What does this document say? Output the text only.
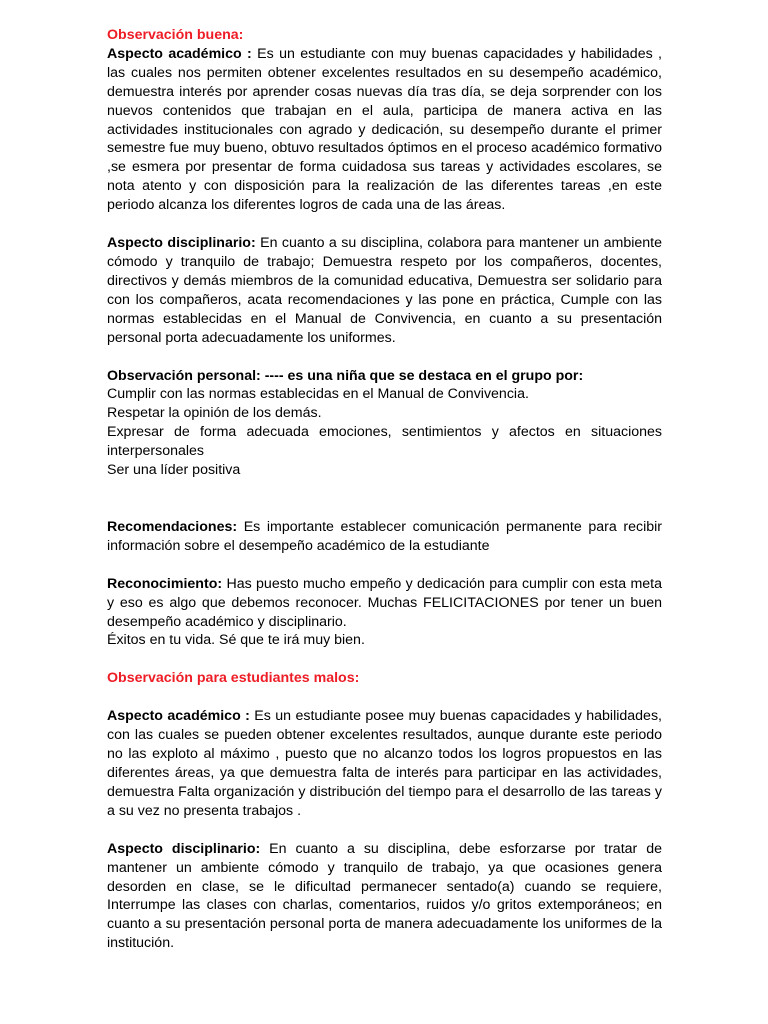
Observación buena:

Aspecto académico : Es un estudiante con muy buenas capacidades y habilidades , las cuales nos permiten obtener excelentes resultados en su desempeño académico, demuestra interés por aprender cosas nuevas día tras día, se deja sorprender con los nuevos contenidos que trabajan en el aula, participa de manera activa en las actividades institucionales con agrado y dedicación, su desempeño durante el primer semestre fue muy bueno, obtuvo resultados óptimos en el proceso académico formativo ,se esmera por presentar de forma cuidadosa sus tareas y actividades escolares, se nota atento y con disposición para la realización de las diferentes tareas ,en este periodo alcanza los diferentes logros de cada una de las áreas.

Aspecto disciplinario: En cuanto a su disciplina, colabora para mantener un ambiente cómodo y tranquilo de trabajo; Demuestra respeto por los compañeros, docentes, directivos y demás miembros de la comunidad educativa, Demuestra ser solidario para con los compañeros, acata recomendaciones y las pone en práctica, Cumple con las normas establecidas en el Manual de Convivencia, en cuanto a su presentación personal porta adecuadamente los uniformes.

Observación personal: ---- es una niña que se destaca en el grupo por:

Cumplir con las normas establecidas en el Manual de Convivencia.

Respetar la opinión de los demás.

Expresar de forma adecuada emociones, sentimientos y afectos en situaciones interpersonales

Ser una líder positiva

Recomendaciones: Es importante establecer comunicación permanente para recibir información sobre el desempeño académico de la estudiante

Reconocimiento: Has puesto mucho empeño y dedicación para cumplir con esta meta y eso es algo que debemos reconocer. Muchas FELICITACIONES por tener un buen desempeño académico y disciplinario.

Éxitos en tu vida. Sé que te irá muy bien.

Observación para estudiantes malos:

Aspecto académico : Es un estudiante posee muy buenas capacidades y habilidades, con las cuales se pueden obtener excelentes resultados, aunque durante este periodo no las exploto al máximo , puesto que no alcanzo todos los logros propuestos en las diferentes áreas, ya que demuestra falta de interés para participar en las actividades, demuestra Falta organización y distribución del tiempo para el desarrollo de las tareas y a su vez no presenta trabajos .

Aspecto disciplinario: En cuanto a su disciplina, debe esforzarse por tratar de mantener un ambiente cómodo y tranquilo de trabajo, ya que ocasiones genera desorden en clase, se le dificultad permanecer sentado(a) cuando se requiere, Interrumpe las clases con charlas, comentarios, ruidos y/o gritos extemporáneos; en cuanto a su presentación personal porta de manera adecuadamente los uniformes de la institución.
